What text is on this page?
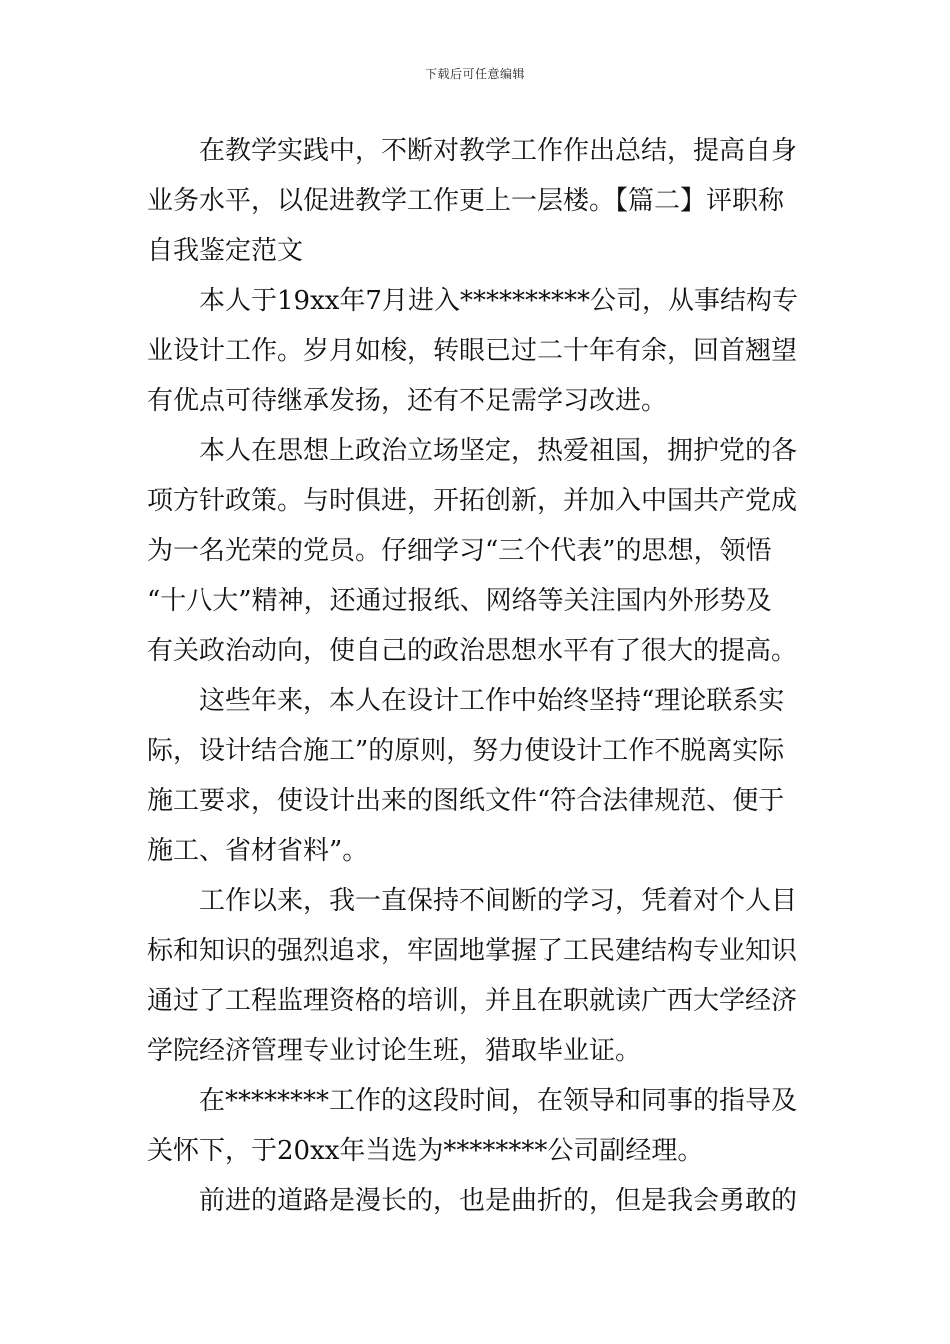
下载后可任意编辑
在教学实践中，不断对教学工作作出总结，提高自身
业务水平，以促进教学工作更上一层楼。【篇二】评职称
自我鉴定范文
本人于19xx年7月进入**********公司，从事结构专
业设计工作。岁月如梭，转眼已过二十年有余，回首翘望
有优点可待继承发扬，还有不足需学习改进。
本人在思想上政治立场坚定，热爱祖国，拥护党的各
项方针政策。与时俱进，开拓创新，并加入中国共产党成
为一名光荣的党员。仔细学习“三个代表”的思想，领悟
“十八大”精神，还通过报纸、网络等关注国内外形势及
有关政治动向，使自己的政治思想水平有了很大的提高。
这些年来，本人在设计工作中始终坚持“理论联系实
际，设计结合施工”的原则，努力使设计工作不脱离实际
施工要求，使设计出来的图纸文件“符合法律规范、便于
施工、省材省料”。
工作以来，我一直保持不间断的学习，凭着对个人目
标和知识的强烈追求，牢固地掌握了工民建结构专业知识
通过了工程监理资格的培训，并且在职就读广西大学经济
学院经济管理专业讨论生班，猎取毕业证。
在********工作的这段时间，在领导和同事的指导及
关怀下，于20xx年当选为********公司副经理。
前进的道路是漫长的，也是曲折的，但是我会勇敢的
